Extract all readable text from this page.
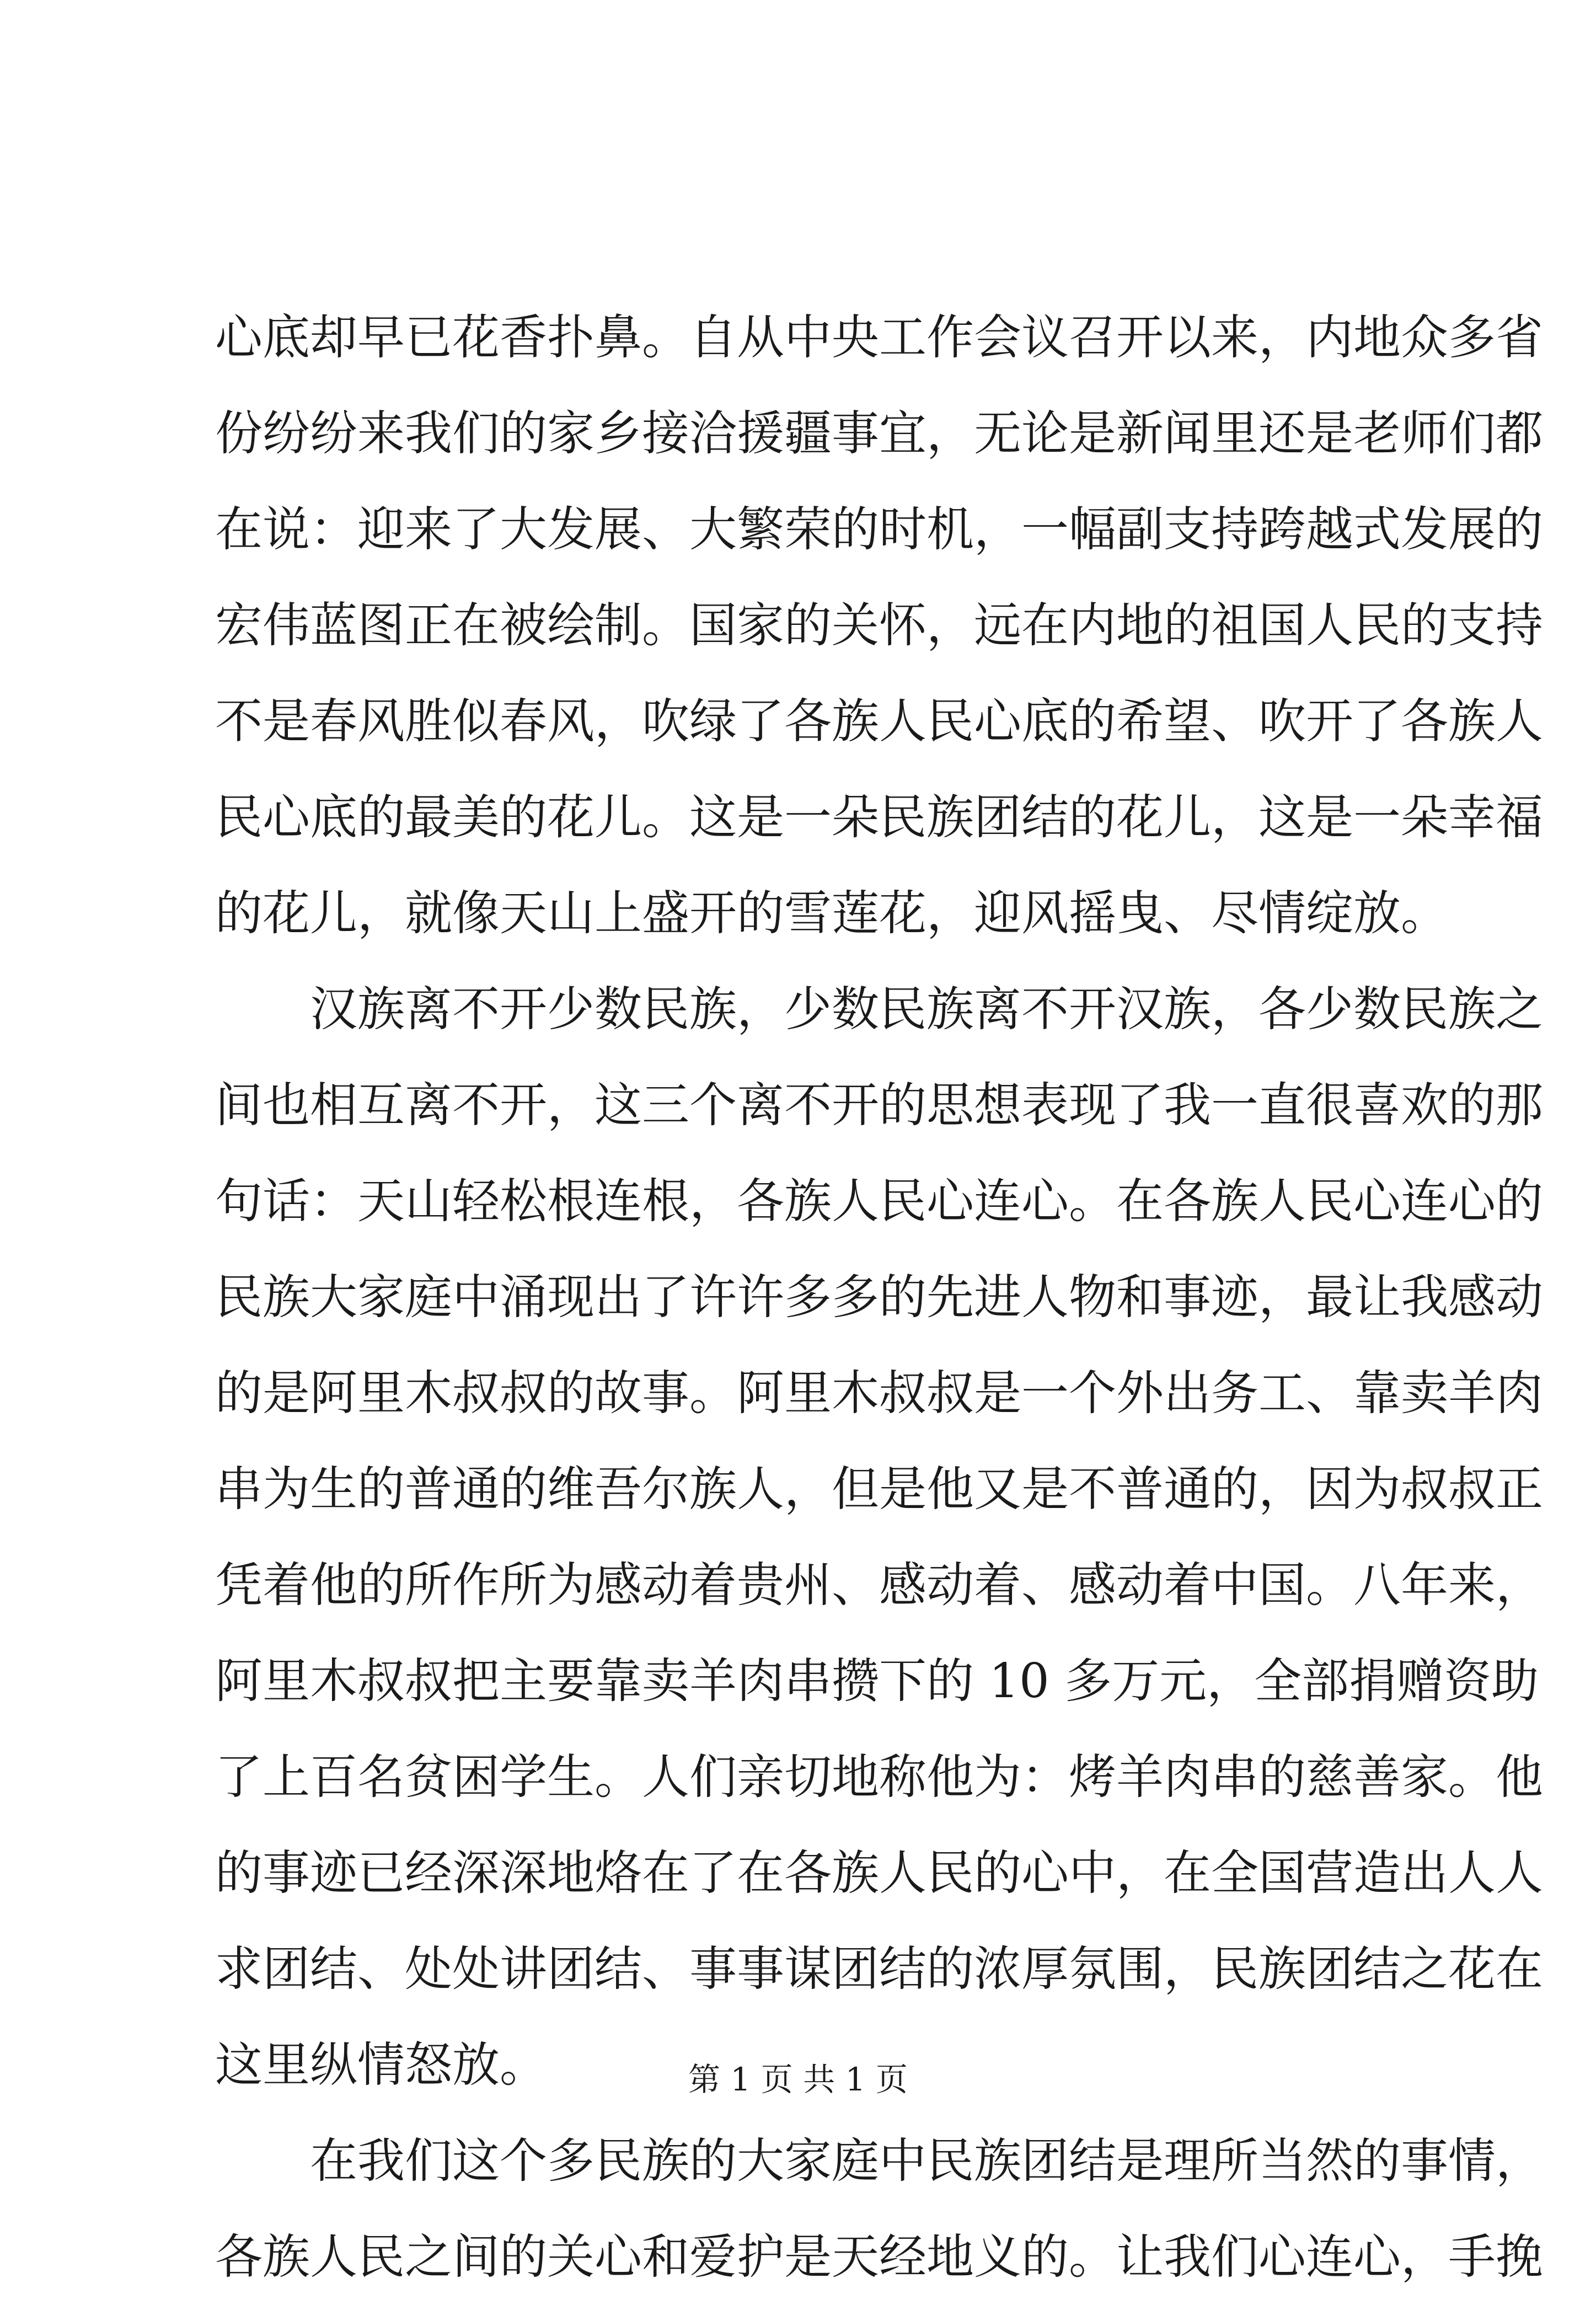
心底却早已花香扑鼻。自从中央工作会议召开以来，内地众多省
份纷纷来我们的家乡接洽援疆事宜，无论是新闻里还是老师们都
在说：迎来了大发展、大繁荣的时机，一幅副支持跨越式发展的
宏伟蓝图正在被绘制。国家的关怀，远在内地的祖国人民的支持
不是春风胜似春风，吹绿了各族人民心底的希望、吹开了各族人
民心底的最美的花儿。这是一朵民族团结的花儿，这是一朵幸福
的花儿，就像天山上盛开的雪莲花，迎风摇曳、尽情绽放。
汉族离不开少数民族，少数民族离不开汉族，各少数民族之
间也相互离不开，这三个离不开的思想表现了我一直很喜欢的那
句话：天山轻松根连根，各族人民心连心。在各族人民心连心的
民族大家庭中涌现出了许许多多的先进人物和事迹，最让我感动
的是阿里木叔叔的故事。阿里木叔叔是一个外出务工、靠卖羊肉
串为生的普通的维吾尔族人，但是他又是不普通的，因为叔叔正
凭着他的所作所为感动着贵州、感动着、感动着中国。八年来，
阿里木叔叔把主要靠卖羊肉串攒下的 10 多万元，全部捐赠资助
了上百名贫困学生。人们亲切地称他为：烤羊肉串的慈善家。他
的事迹已经深深地烙在了在各族人民的心中，在全国营造出人人
求团结、处处讲团结、事事谋团结的浓厚氛围，民族团结之花在
这里纵情怒放。
在我们这个多民族的大家庭中民族团结是理所当然的事情，
各族人民之间的关心和爱护是天经地义的。让我们心连心，手挽
第 1 页 共 1 页
